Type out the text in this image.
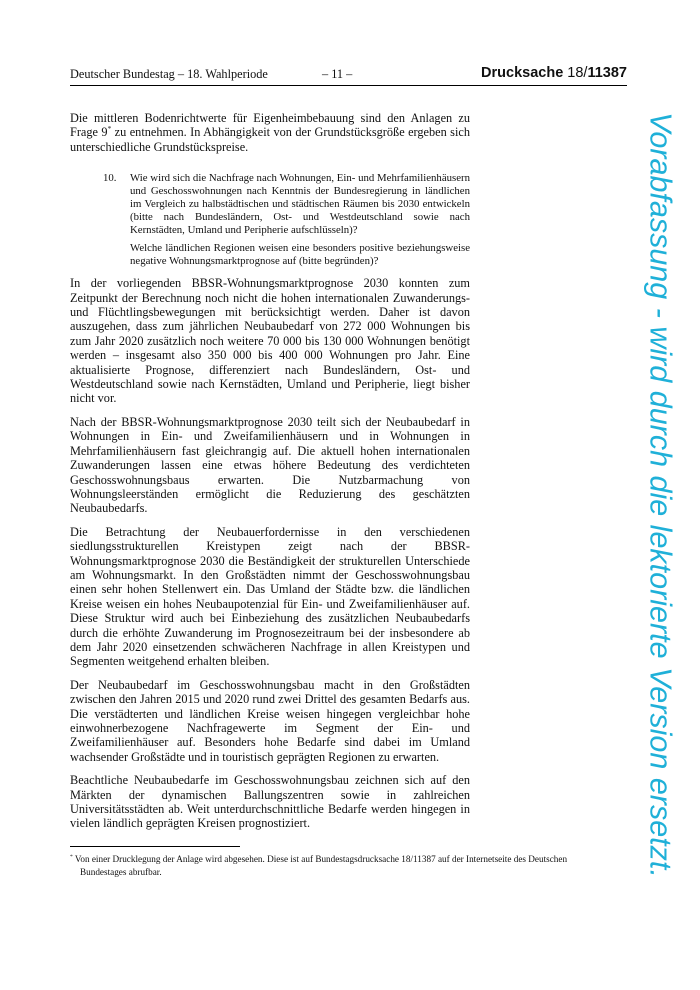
Deutscher Bundestag – 18. Wahlperiode	– 11 –	Drucksache 18/11387

Die mittleren Bodenrichtwerte für Eigenheimbebauung sind den Anlagen zu Frage 9* zu entnehmen. In Abhängigkeit von der Grundstücksgröße ergeben sich unterschiedliche Grundstückspreise.

10. Wie wird sich die Nachfrage nach Wohnungen, Ein- und Mehrfamilienhäusern und Geschosswohnungen nach Kenntnis der Bundesregierung in ländlichen im Vergleich zu halbstädtischen und städtischen Räumen bis 2030 entwickeln (bitte nach Bundesländern, Ost- und Westdeutschland sowie nach Kernstädten, Umland und Peripherie aufschlüsseln)?

Welche ländlichen Regionen weisen eine besonders positive beziehungsweise negative Wohnungsmarktprognose auf (bitte begründen)?

In der vorliegenden BBSR-Wohnungsmarktprognose 2030 konnten zum Zeitpunkt der Berechnung noch nicht die hohen internationalen Zuwanderungs- und Flüchtlingsbewegungen mit berücksichtigt werden. Daher ist davon auszugehen, dass zum jährlichen Neubaubedarf von 272 000 Wohnungen bis zum Jahr 2020 zusätzlich noch weitere 70 000 bis 130 000 Wohnungen benötigt werden – insgesamt also 350 000 bis 400 000 Wohnungen pro Jahr. Eine aktualisierte Prognose, differenziert nach Bundesländern, Ost- und Westdeutschland sowie nach Kernstädten, Umland und Peripherie, liegt bisher nicht vor.

Nach der BBSR-Wohnungsmarktprognose 2030 teilt sich der Neubaubedarf in Wohnungen in Ein- und Zweifamilienhäusern und in Wohnungen in Mehrfamilienhäusern fast gleichrangig auf. Die aktuell hohen internationalen Zuwanderungen lassen eine etwas höhere Bedeutung des verdichteten Geschosswohnungsbaus erwarten. Die Nutzbarmachung von Wohnungsleerständen ermöglicht die Reduzierung des geschätzten Neubaubedarfs.

Die Betrachtung der Neubauerfordernisse in den verschiedenen siedlungsstrukturellen Kreistypen zeigt nach der BBSR-Wohnungsmarktprognose 2030 die Beständigkeit der strukturellen Unterschiede am Wohnungsmarkt. In den Großstädten nimmt der Geschosswohnungsbau einen sehr hohen Stellenwert ein. Das Umland der Städte bzw. die ländlichen Kreise weisen ein hohes Neubaupotenzial für Ein- und Zweifamilienhäuser auf. Diese Struktur wird auch bei Einbeziehung des zusätzlichen Neubaubedarfs durch die erhöhte Zuwanderung im Prognosezeitraum bei der insbesondere ab dem Jahr 2020 einsetzenden schwächeren Nachfrage in allen Kreistypen und Segmenten weitgehend erhalten bleiben.

Der Neubaubedarf im Geschosswohnungsbau macht in den Großstädten zwischen den Jahren 2015 und 2020 rund zwei Drittel des gesamten Bedarfs aus. Die verstädterten und ländlichen Kreise weisen hingegen vergleichbar hohe einwohnerbezogene Nachfragewerte im Segment der Ein- und Zweifamilienhäuser auf. Besonders hohe Bedarfe sind dabei im Umland wachsender Großstädte und in touristisch geprägten Regionen zu erwarten.

Beachtliche Neubaubedarfe im Geschosswohnungsbau zeichnen sich auf den Märkten der dynamischen Ballungszentren sowie in zahlreichen Universitätsstädten ab. Weit unterdurchschnittliche Bedarfe werden hingegen in vielen ländlich geprägten Kreisen prognostiziert.

* Von einer Drucklegung der Anlage wird abgesehen. Diese ist auf Bundestagsdrucksache 18/11387 auf der Internetseite des Deutschen
Bundestages abrufbar.	Vorabfassung - wird durch die lektorierte Version ersetzt.
